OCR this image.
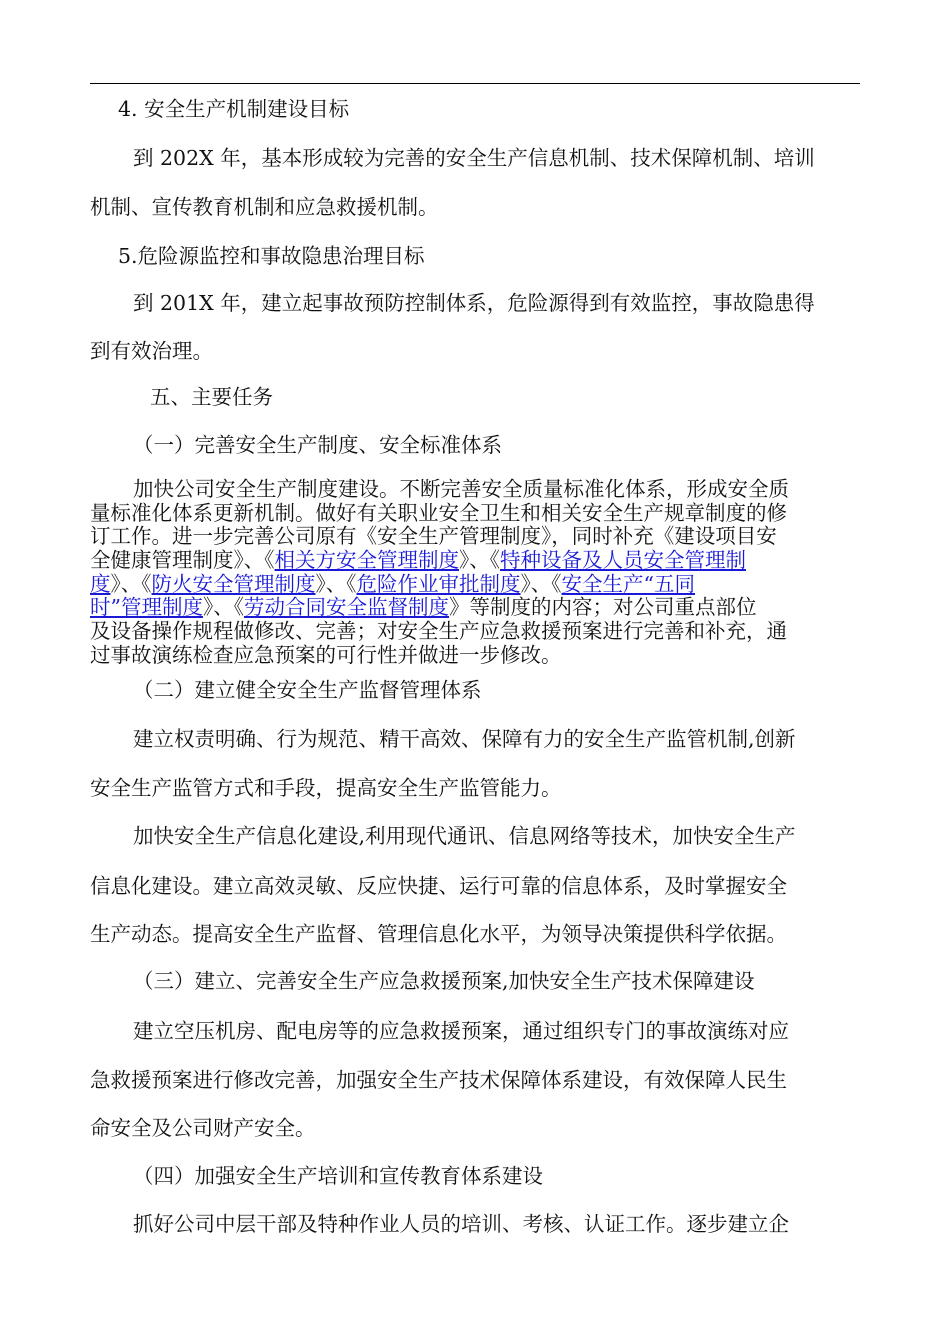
4. 安全生产机制建设目标
到 202X 年，基本形成较为完善的安全生产信息机制、技术保障机制、培训
机制、宣传教育机制和应急救援机制。
5.危险源监控和事故隐患治理目标
到 201X 年，建立起事故预防控制体系，危险源得到有效监控，事故隐患得
到有效治理。
五、主要任务
（一）完善安全生产制度、安全标准体系
加快公司安全生产制度建设。不断完善安全质量标准化体系，形成安全质
量标准化体系更新机制。做好有关职业安全卫生和相关安全生产规章制度的修
订工作。进一步完善公司原有《安全生产管理制度》，同时补充《建设项目安
全健康管理制度》、《相关方安全管理制度》、《特种设备及人员安全管理制
度》、《防火安全管理制度》、《危险作业审批制度》、《安全生产“五同
时”管理制度》、《劳动合同安全监督制度》等制度的内容；对公司重点部位
及设备操作规程做修改、完善；对安全生产应急救援预案进行完善和补充，通
过事故演练检查应急预案的可行性并做进一步修改。
（二）建立健全安全生产监督管理体系
建立权责明确、行为规范、精干高效、保障有力的安全生产监管机制,创新
安全生产监管方式和手段，提高安全生产监管能力。
加快安全生产信息化建设,利用现代通讯、信息网络等技术，加快安全生产
信息化建设。建立高效灵敏、反应快捷、运行可靠的信息体系，及时掌握安全
生产动态。提高安全生产监督、管理信息化水平，为领导决策提供科学依据。
（三）建立、完善安全生产应急救援预案,加快安全生产技术保障建设
建立空压机房、配电房等的应急救援预案，通过组织专门的事故演练对应
急救援预案进行修改完善，加强安全生产技术保障体系建设，有效保障人民生
命安全及公司财产安全。
（四）加强安全生产培训和宣传教育体系建设
抓好公司中层干部及特种作业人员的培训、考核、认证工作。逐步建立企
